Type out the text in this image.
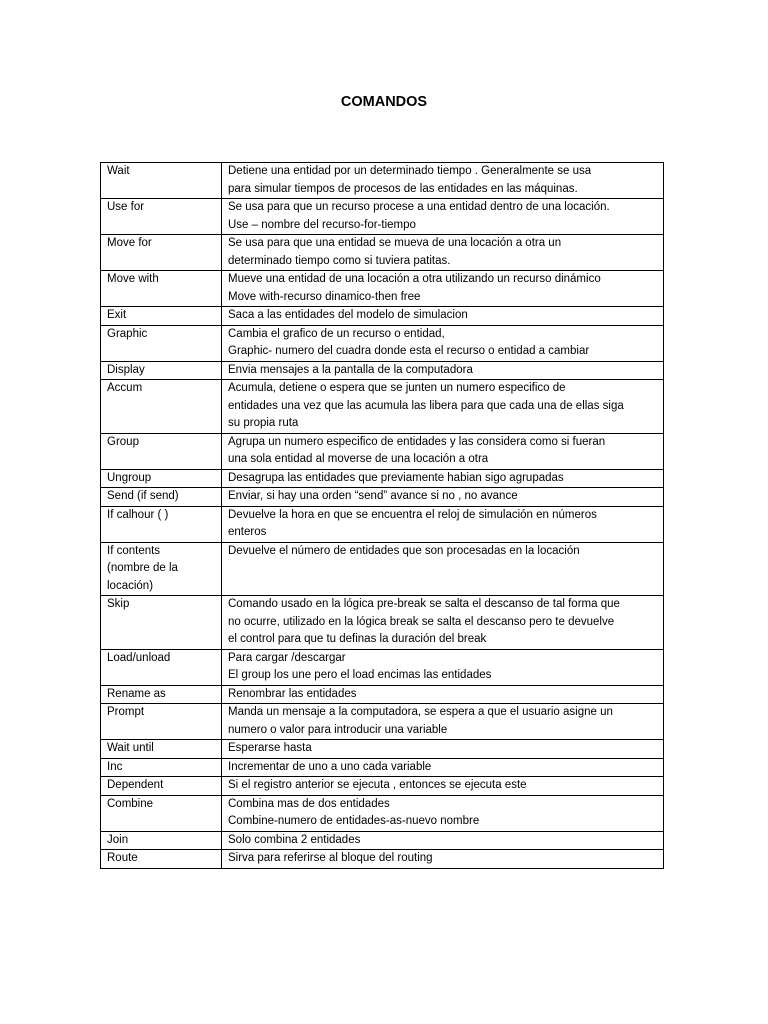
COMANDOS
Wait	Detiene una entidad por un determinado tiempo . Generalmente se usa
para simular tiempos de procesos de las entidades en las máquinas.
Use for	Se usa para que un recurso procese a una entidad dentro de una locación.
Use – nombre del recurso-for-tiempo
Move for	Se usa para que una entidad se mueva de una locación a otra un
determinado tiempo como si tuviera patitas.
Move with	Mueve una entidad de una locación a otra utilizando un recurso dinámico
Move with-recurso dinamico-then free
Exit	Saca a las entidades del modelo de simulacion
Graphic	Cambia el grafico de un recurso o entidad,
Graphic- numero del cuadra donde esta el recurso o entidad a cambiar
Display	Envia mensajes a la pantalla de la computadora
Accum	Acumula, detiene o espera que se junten un numero especifico de
entidades una vez que las acumula las libera para que cada una de ellas siga
su propia ruta
Group	Agrupa un numero especifico de entidades y las considera como si fueran
una sola entidad al moverse de una locación a otra
Ungroup	Desagrupa las entidades que previamente habian sigo agrupadas
Send (if send)	Enviar, si hay una orden “send” avance si no , no avance
If calhour ( )	Devuelve la hora en que se encuentra el reloj de simulación en números
enteros
If contents
(nombre de la
locación)	Devuelve el número de entidades que son procesadas en la locación
Skip	Comando usado en la lógica pre-break se salta el descanso de tal forma que
no ocurre, utilizado en la lógica break se salta el descanso pero te devuelve
el control para que tu definas la duración del break
Load/unload	Para cargar /descargar
El group los une pero el load encimas las entidades
Rename as	Renombrar las entidades
Prompt	Manda un mensaje a la computadora, se espera a que el usuario asigne un
numero o valor para introducir una variable
Wait until	Esperarse hasta
Inc	Incrementar de uno a uno cada variable
Dependent	Si el registro anterior se ejecuta , entonces se ejecuta este
Combine	Combina mas de dos entidades
Combine-numero de entidades-as-nuevo nombre
Join	Solo combina 2 entidades
Route	Sirva para referirse al bloque del routing
